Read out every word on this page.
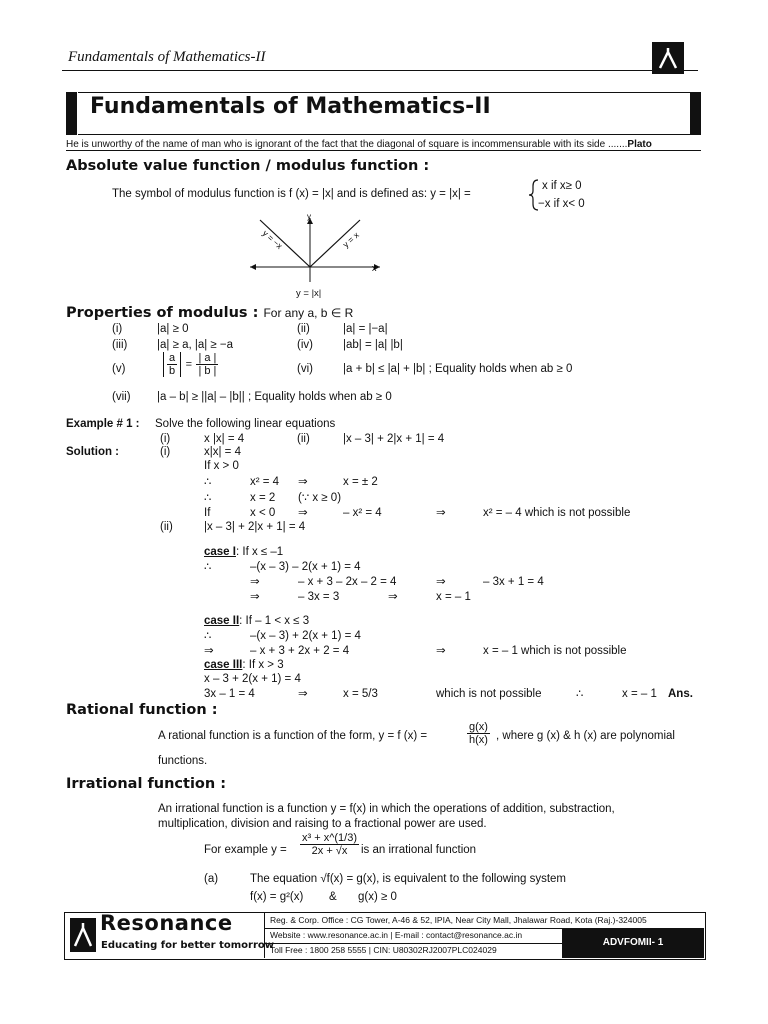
Fundamentals of Mathematics-II
Fundamentals of Mathematics-II
He is unworthy of the name of man who is ignorant of the fact that the diagonal of square is incommensurable with its side .......Plato
Absolute value function / modulus function :
The symbol of modulus function is f (x) = |x| and is defined as: y = |x| =
x if x≥ 0
−x if x< 0
x
y
y = −x	y = x
y = |x|
Properties of modulus : For any a, b ∈ R
(i)	|a| ≥ 0	(ii)	|a| = |−a|
(iii)	|a| ≥ a, |a| ≥ −a	(iv)	|ab| = |a| |b|
(v)	$\frac{a}{b} = \frac{| a |}{| b |}$	(vi)	|a + b| ≤ |a| + |b| ; Equality holds when ab ≥ 0
(vii) |a – b| ≥ ||a| – |b|| ; Equality holds when ab ≥ 0
Example # 1 : Solve the following linear equations
(i)	x |x| = 4	(ii)	|x – 3| + 2|x + 1| = 4
Solution :	(i)	x|x| = 4
If x > 0
∴	x² = 4 ⇒	x = ± 2
∴	x = 2 (∵ x ≥ 0)
If	x < 0 ⇒	– x² = 4	⇒	x² = – 4 which is not possible
(ii)	|x – 3| + 2|x + 1| = 4
case I: If x ≤ –1
∴	–(x – 3) – 2(x + 1) = 4
⇒	– x + 3 – 2x – 2 = 4	⇒	– 3x + 1 = 4
⇒	– 3x = 3	⇒	x = – 1
case II: If – 1 < x ≤ 3
∴	–(x – 3) + 2(x + 1) = 4
⇒	– x + 3 + 2x + 2 = 4	⇒	x = – 1 which is not possible
case III: If x > 3
x – 3 + 2(x + 1) = 4
3x – 1 = 4	⇒	x = 5/3	which is not possible	∴	x = – 1 Ans.
Rational function :
A rational function is a function of the form, y = f (x) =	$\frac{g(x)}{h(x)}$ , where g (x) & h (x) are polynomial
functions.
Irrational function :
An irrational function is a function y = f(x) in which the operations of addition, substraction,
multiplication, division and raising to a fractional power are used.
For example $y = \frac{\text{x³ + x\textasciicircum{}(1/3)}}{2x + √x}$ is an irrational function
(a)	The equation √f(x) = g(x), is equivalent to the following system
f(x) = g²(x) & g(x) ≥ 0
Resonance
Educating for better tomorrow
Reg. & Corp. Office : CG Tower, A-46 & 52, IPIA, Near City Mall, Jhalawar Road, Kota (Raj.)-324005
Website : www.resonance.ac.in | E-mail : contact@resonance.ac.in
Toll Free : 1800 258 5555 | CIN: U80302RJ2007PLC024029
ADVFOMII- 1
